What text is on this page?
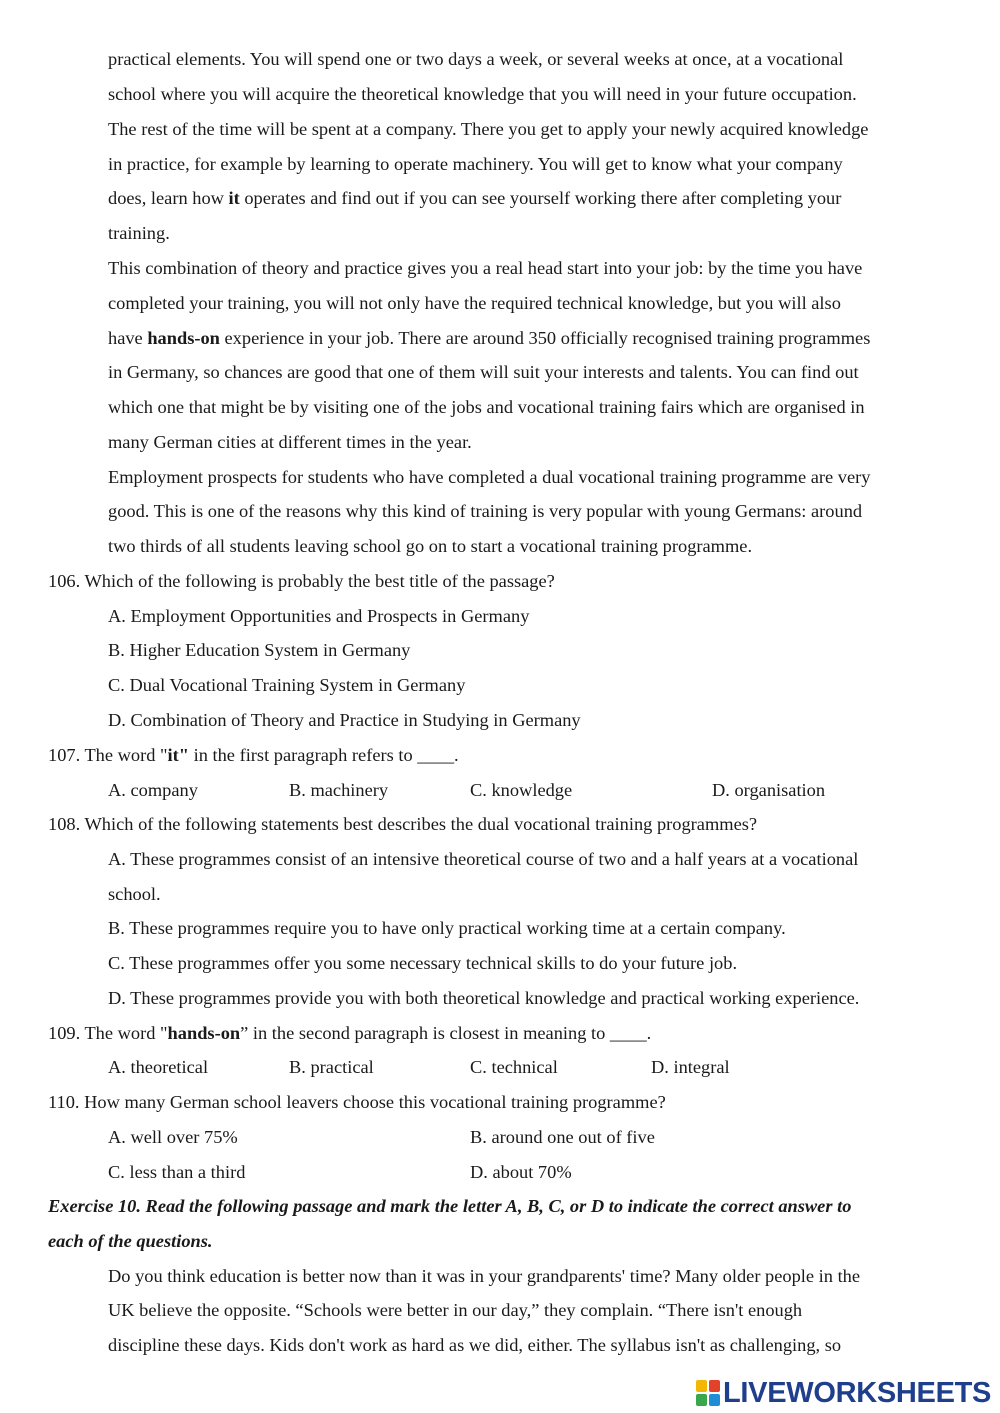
practical elements. You will spend one or two days a week, or several weeks at once, at a vocational

school where you will acquire the theoretical knowledge that you will need in your future occupation.

The rest of the time will be spent at a company. There you get to apply your newly acquired knowledge

in practice, for example by learning to operate machinery. You will get to know what your company

does, learn how it operates and find out if you can see yourself working there after completing your

training.

This combination of theory and practice gives you a real head start into your job: by the time you have

completed your training, you will not only have the required technical knowledge, but you will also

have hands-on experience in your job. There are around 350 officially recognised training programmes

in Germany, so chances are good that one of them will suit your interests and talents. You can find out

which one that might be by visiting one of the jobs and vocational training fairs which are organised in

many German cities at different times in the year.

Employment prospects for students who have completed a dual vocational training programme are very

good. This is one of the reasons why this kind of training is very popular with young Germans: around

two thirds of all students leaving school go on to start a vocational training programme.

106. Which of the following is probably the best title of the passage?

A. Employment Opportunities and Prospects in Germany

B. Higher Education System in Germany

C. Dual Vocational Training System in Germany

D. Combination of Theory and Practice in Studying in Germany

107. The word "it" in the first paragraph refers to ____.

A. company	B. machinery	C. knowledge	D. organisation

108. Which of the following statements best describes the dual vocational training programmes?

A. These programmes consist of an intensive theoretical course of two and a half years at a vocational

school.

B. These programmes require you to have only practical working time at a certain company.

C. These programmes offer you some necessary technical skills to do your future job.

D. These programmes provide you with both theoretical knowledge and practical working experience.

109. The word "hands-on” in the second paragraph is closest in meaning to ____.

A. theoretical	B. practical	C. technical	D. integral

110. How many German school leavers choose this vocational training programme?

A. well over 75%	B. around one out of five
C. less than a third	D. about 70%

Exercise 10. Read the following passage and mark the letter A, B, C, or D to indicate the correct answer to

each of the questions.

Do you think education is better now than it was in your grandparents' time? Many older people in the

UK believe the opposite. “Schools were better in our day,” they complain. “There isn't enough

discipline these days. Kids don't work as hard as we did, either. The syllabus isn't as challenging, so

LIVEWORKSHEETS
